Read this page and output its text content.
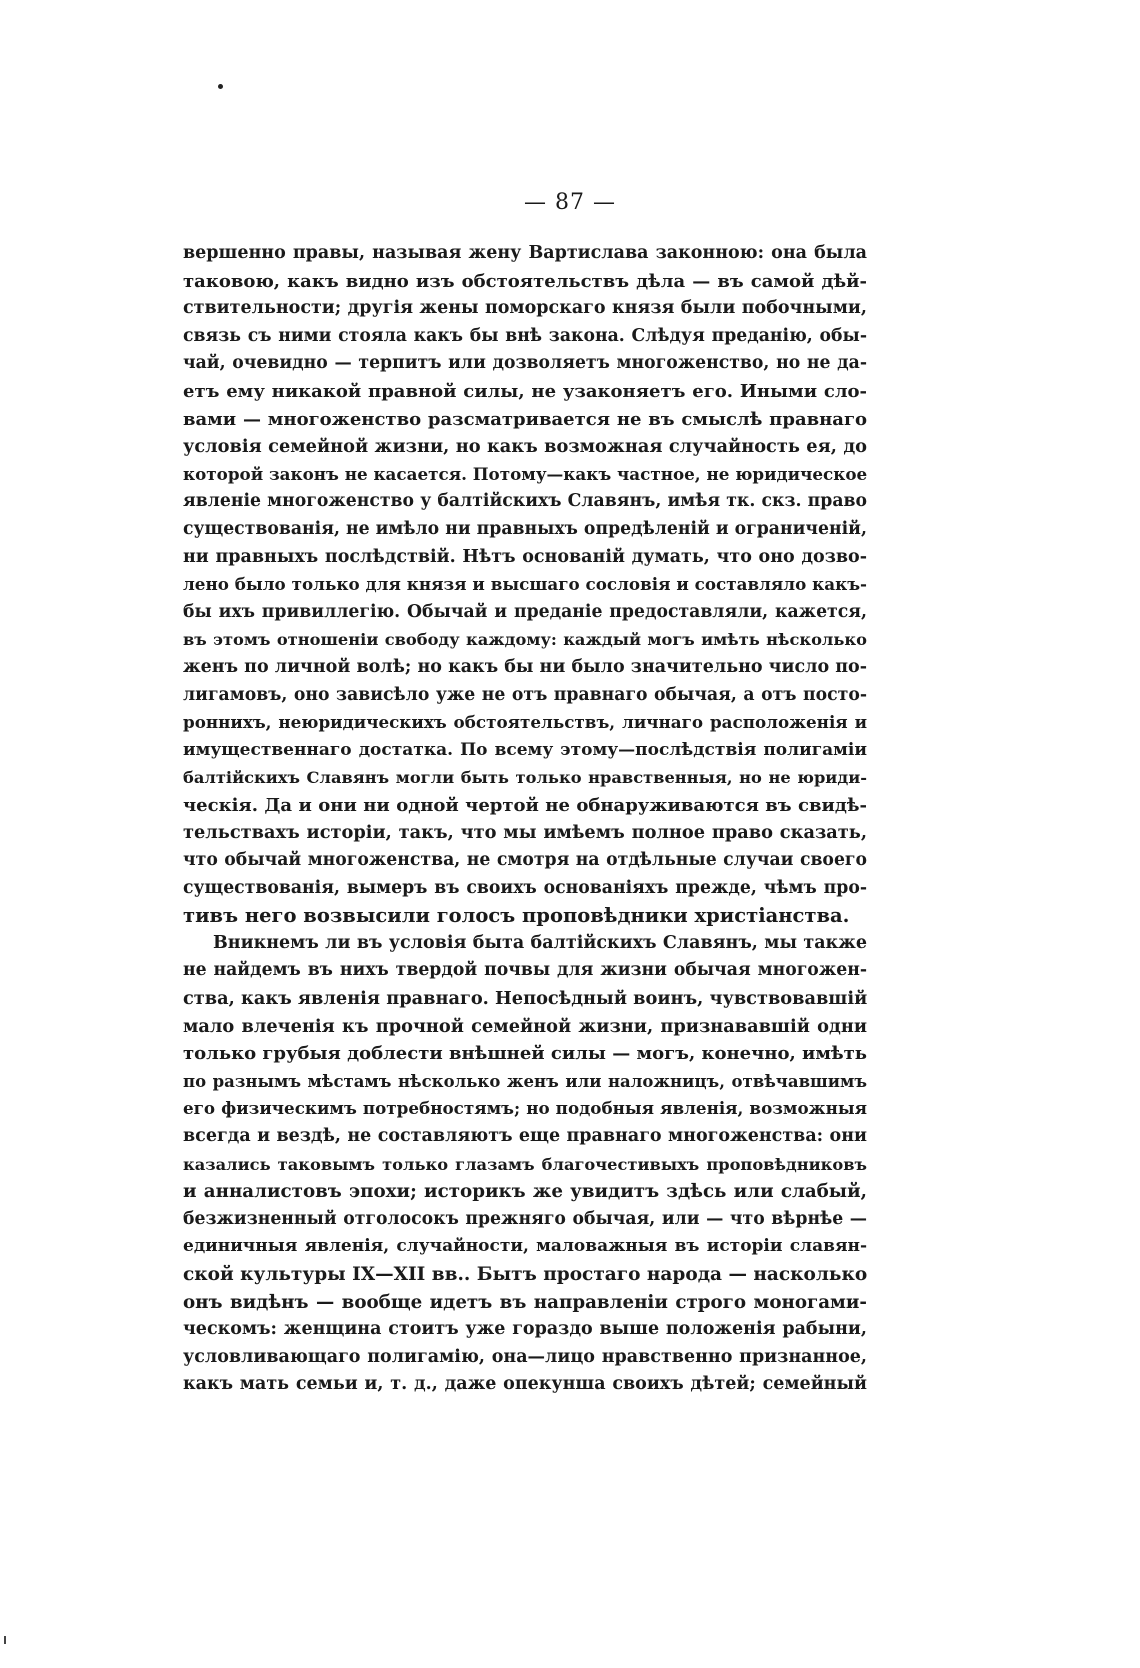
— 87 —
вершенно правы, называя жену Вартислава законною: она была
таковою, какъ видно изъ обстоятельствъ дѣла — въ самой дѣй-
ствительности; другія жены поморскаго князя были побочными,
связь съ ними стояла какъ бы внѣ закона. Слѣдуя преданію, обы-
чай, очевидно — терпитъ или дозволяетъ многоженство, но не да-
етъ ему никакой правной силы, не узаконяетъ его. Иными сло-
вами — многоженство разсматривается не въ смыслѣ правнаго
условія семейной жизни, но какъ возможная случайность ея, до
которой законъ не касается. Потому—какъ частное, не юридическое
явленіе многоженство у балтійскихъ Славянъ, имѣя тк. скз. право
существованія, не имѣло ни правныхъ опредѣленій и ограниченій,
ни правныхъ послѣдствій. Нѣтъ основаній думать, что оно дозво-
лено было только для князя и высшаго сословія и составляло какъ-
бы ихъ привиллегію. Обычай и преданіе предоставляли, кажется,
въ этомъ отношеніи свободу каждому: каждый могъ имѣть нѣсколько
женъ по личной волѣ; но какъ бы ни было значительно число по-
лигамовъ, оно зависѣло уже не отъ правнаго обычая, а отъ посто-
роннихъ, неюридическихъ обстоятельствъ, личнаго расположенія и
имущественнаго достатка. По всему этому—послѣдствія полигаміи
балтійскихъ Славянъ могли быть только нравственныя, но не юриди-
ческія. Да и они ни одной чертой не обнаруживаются въ свидѣ-
тельствахъ исторіи, такъ, что мы имѣемъ полное право сказать,
что обычай многоженства, не смотря на отдѣльные случаи своего
существованія, вымеръ въ своихъ основаніяхъ прежде, чѣмъ про-
тивъ него возвысили голосъ проповѣдники христіанства.
Вникнемъ ли въ условія быта балтійскихъ Славянъ, мы также
не найдемъ въ нихъ твердой почвы для жизни обычая многожен-
ства, какъ явленія правнаго. Непосѣдный воинъ, чувствовавшій
мало влеченія къ прочной семейной жизни, признававшій одни
только грубыя доблести внѣшней силы — могъ, конечно, имѣть
по разнымъ мѣстамъ нѣсколько женъ или наложницъ, отвѣчавшимъ
его физическимъ потребностямъ; но подобныя явленія, возможныя
всегда и вездѣ, не составляютъ еще правнаго многоженства: они
казались таковымъ только глазамъ благочестивыхъ проповѣдниковъ
и анналистовъ эпохи; историкъ же увидитъ здѣсь или слабый,
безжизненный отголосокъ прежняго обычая, или — что вѣрнѣе —
единичныя явленія, случайности, маловажныя въ исторіи славян-
ской культуры IX—XII вв.. Бытъ простаго народа — насколько
онъ видѣнъ — вообще идетъ въ направленіи строго моногами-
ческомъ: женщина стоитъ уже гораздо выше положенія рабыни,
условливающаго полигамію, она—лицо нравственно признанное,
какъ мать семьи и, т. д., даже опекунша своихъ дѣтей; семейный
